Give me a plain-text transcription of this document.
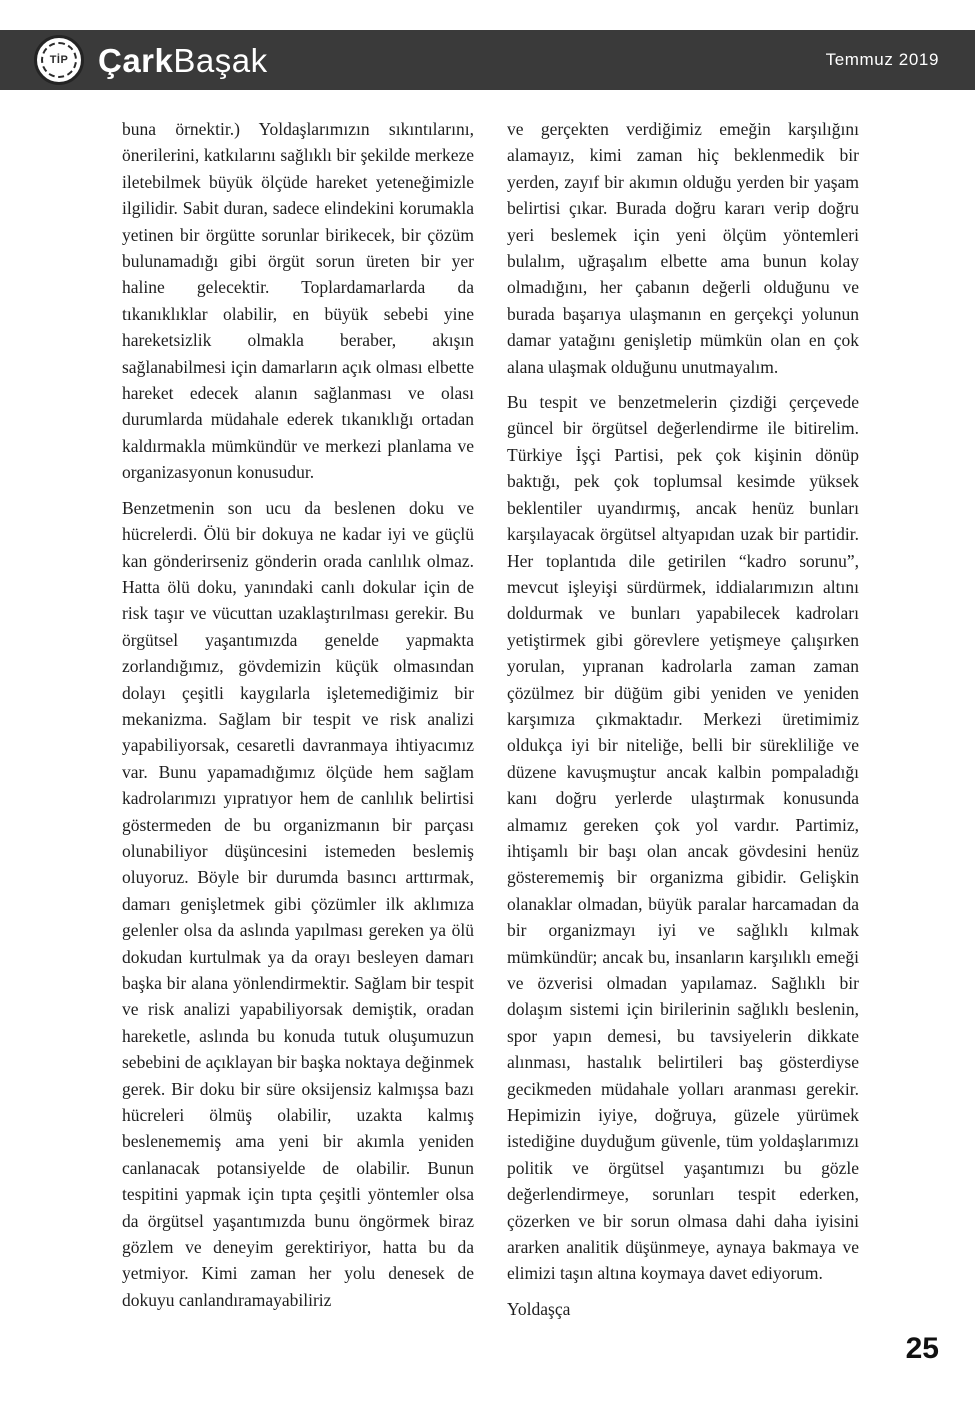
TİP ÇarkBaşak	Temmuz 2019

buna örnektir.) Yoldaşlarımızın sıkıntılarını, önerilerini, katkılarını sağlıklı bir şekilde merkeze iletebilmek büyük ölçüde hareket yeteneğimizle ilgilidir. Sabit duran, sadece elindekini korumakla yetinen bir örgütte sorunlar birikecek, bir çözüm bulunamadığı gibi örgüt sorun üreten bir yer haline gelecektir. Toplardamarlarda da tıkanıklıklar olabilir, en büyük sebebi yine hareketsizlik olmakla beraber, akışın sağlanabilmesi için damarların açık olması elbette hareket edecek alanın sağlanması ve olası durumlarda müdahale ederek tıkanıklığı ortadan kaldırmakla mümkündür ve merkezi planlama ve organizasyonun konusudur.

Benzetmenin son ucu da beslenen doku ve hücrelerdi. Ölü bir dokuya ne kadar iyi ve güçlü kan gönderirseniz gönderin orada canlılık olmaz. Hatta ölü doku, yanındaki canlı dokular için de risk taşır ve vücuttan uzaklaştırılması gerekir. Bu örgütsel yaşantımızda genelde yapmakta zorlandığımız, gövdemizin küçük olmasından dolayı çeşitli kaygılarla işletemediğimiz bir mekanizma. Sağlam bir tespit ve risk analizi yapabiliyorsak, cesaretli davranmaya ihtiyacımız var. Bunu yapamadığımız ölçüde hem sağlam kadrolarımızı yıpratıyor hem de canlılık belirtisi göstermeden de bu organizmanın bir parçası olunabiliyor düşüncesini istemeden beslemiş oluyoruz. Böyle bir durumda basıncı arttırmak, damarı genişletmek gibi çözümler ilk aklımıza gelenler olsa da aslında yapılması gereken ya ölü dokudan kurtulmak ya da orayı besleyen damarı başka bir alana yönlendirmektir. Sağlam bir tespit ve risk analizi yapabiliyorsak demiştik, oradan hareketle, aslında bu konuda tutuk oluşumuzun sebebini de açıklayan bir başka noktaya değinmek gerek. Bir doku bir süre oksijensiz kalmışsa bazı hücreleri ölmüş olabilir, uzakta kalmış beslenememiş ama yeni bir akımla yeniden canlanacak potansiyelde de olabilir. Bunun tespitini yapmak için tıpta çeşitli yöntemler olsa da örgütsel yaşantımızda bunu öngörmek biraz gözlem ve deneyim gerektiriyor, hatta bu da yetmiyor. Kimi zaman her yolu denesek de dokuyu canlandıramayabiliriz

ve gerçekten verdiğimiz emeğin karşılığını alamayız, kimi zaman hiç beklenmedik bir yerden, zayıf bir akımın olduğu yerden bir yaşam belirtisi çıkar. Burada doğru kararı verip doğru yeri beslemek için yeni ölçüm yöntemleri bulalım, uğraşalım elbette ama bunun kolay olmadığını, her çabanın değerli olduğunu ve burada başarıya ulaşmanın en gerçekçi yolunun damar yatağını genişletip mümkün olan en çok alana ulaşmak olduğunu unutmayalım.

Bu tespit ve benzetmelerin çizdiği çerçevede güncel bir örgütsel değerlendirme ile bitirelim. Türkiye İşçi Partisi, pek çok kişinin dönüp baktığı, pek çok toplumsal kesimde yüksek beklentiler uyandırmış, ancak henüz bunları karşılayacak örgütsel altyapıdan uzak bir partidir. Her toplantıda dile getirilen “kadro sorunu”, mevcut işleyişi sürdürmek, iddialarımızın altını doldurmak ve bunları yapabilecek kadroları yetiştirmek gibi görevlere yetişmeye çalışırken yorulan, yıpranan kadrolarla zaman zaman çözülmez bir düğüm gibi yeniden ve yeniden karşımıza çıkmaktadır. Merkezi üretimimiz oldukça iyi bir niteliğe, belli bir sürekliliğe ve düzene kavuşmuştur ancak kalbin pompaladığı kanı doğru yerlerde ulaştırmak konusunda almamız gereken çok yol vardır. Partimiz, ihtişamlı bir başı olan ancak gövdesini henüz gösterememiş bir organizma gibidir. Gelişkin olanaklar olmadan, büyük paralar harcamadan da bir organizmayı iyi ve sağlıklı kılmak mümkündür; ancak bu, insanların karşılıklı emeği ve özverisi olmadan yapılamaz. Sağlıklı bir dolaşım sistemi için birilerinin sağlıklı beslenin, spor yapın demesi, bu tavsiyelerin dikkate alınması, hastalık belirtileri baş gösterdiyse gecikmeden müdahale yolları aranması gerekir. Hepimizin iyiye, doğruya, güzele yürümek istediğine duyduğum güvenle, tüm yoldaşlarımızı politik ve örgütsel yaşantımızı bu gözle değerlendirmeye, sorunları tespit ederken, çözerken ve bir sorun olmasa dahi daha iyisini ararken analitik düşünmeye, aynaya bakmaya ve elimizi taşın altına koymaya davet ediyorum.

Yoldaşça

25
